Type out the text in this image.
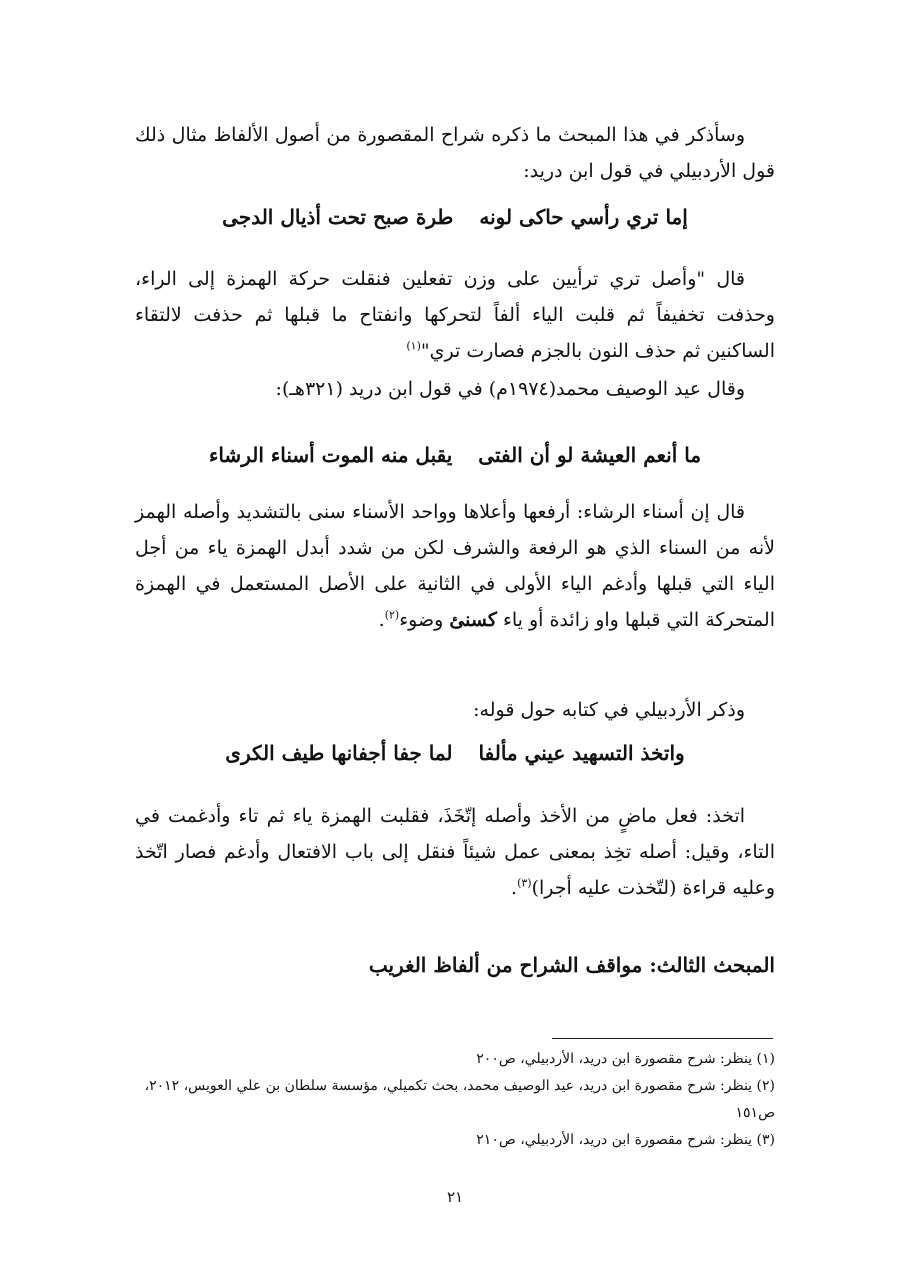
وسأذكر في هذا المبحث ما ذكره شراح المقصورة من أصول الألفاظ مثال ذلك قول الأردبيلي في قول ابن دريد:

إما تري رأسي حاكى لونهطرة صبح تحت أذيال الدجى

قال "وأصل تري ترأيين على وزن تفعلين فنقلت حركة الهمزة إلى الراء، وحذفت تخفيفاً ثم قلبت الياء ألفاً لتحركها وانفتاح ما قبلها ثم حذفت لالتقاء الساكنين ثم حذف النون بالجزم فصارت تري"$^{(١)}$

وقال عيد الوصيف محمد(١٩٧٤م) في قول ابن دريد (٣٢١هـ):

ما أنعم العيشة لو أن الفتىيقبل منه الموت أسناء الرشاء

قال إن أسناء الرشاء: أرفعها وأعلاها وواحد الأسناء سنى بالتشديد وأصله الهمز لأنه من السناء الذي هو الرفعة والشرف لكن من شدد أبدل الهمزة ياء من أجل الياء التي قبلها وأدغم الياء الأولى في الثانية على الأصل المستعمل في الهمزة المتحركة التي قبلها واو زائدة أو ياء كسنئ وضوء$^{(٢)}$.

وذكر الأردبيلي في كتابه حول قوله:

واتخذ التسهيد عيني مألفالما جفا أجفانها طيف الكرى

اتخذ: فعل ماضٍ من الأخذ وأصله إتّخَذَ، فقلبت الهمزة ياء ثم تاء وأدغمت في التاء، وقيل: أصله تخِذ بمعنى عمل شيئاً فنقل إلى باب الافتعال وأدغم فصار اتّخذ وعليه قراءة (لتّخذت عليه أجرا)$^{(٣)}$.

المبحث الثالث: مواقف الشراح من ألفاظ الغريب
(١) ينظر: شرح مقصورة ابن دريد، الأردبيلي، ص٢٠٠
(٢) ينظر: شرح مقصورة ابن دريد، عيد الوصيف محمد، بحث تكميلي، مؤسسة سلطان بن علي العويس، ٢٠١٢، ص١٥١
(٣) ينظر: شرح مقصورة ابن دريد، الأردبيلي، ص٢١٠
٢١
